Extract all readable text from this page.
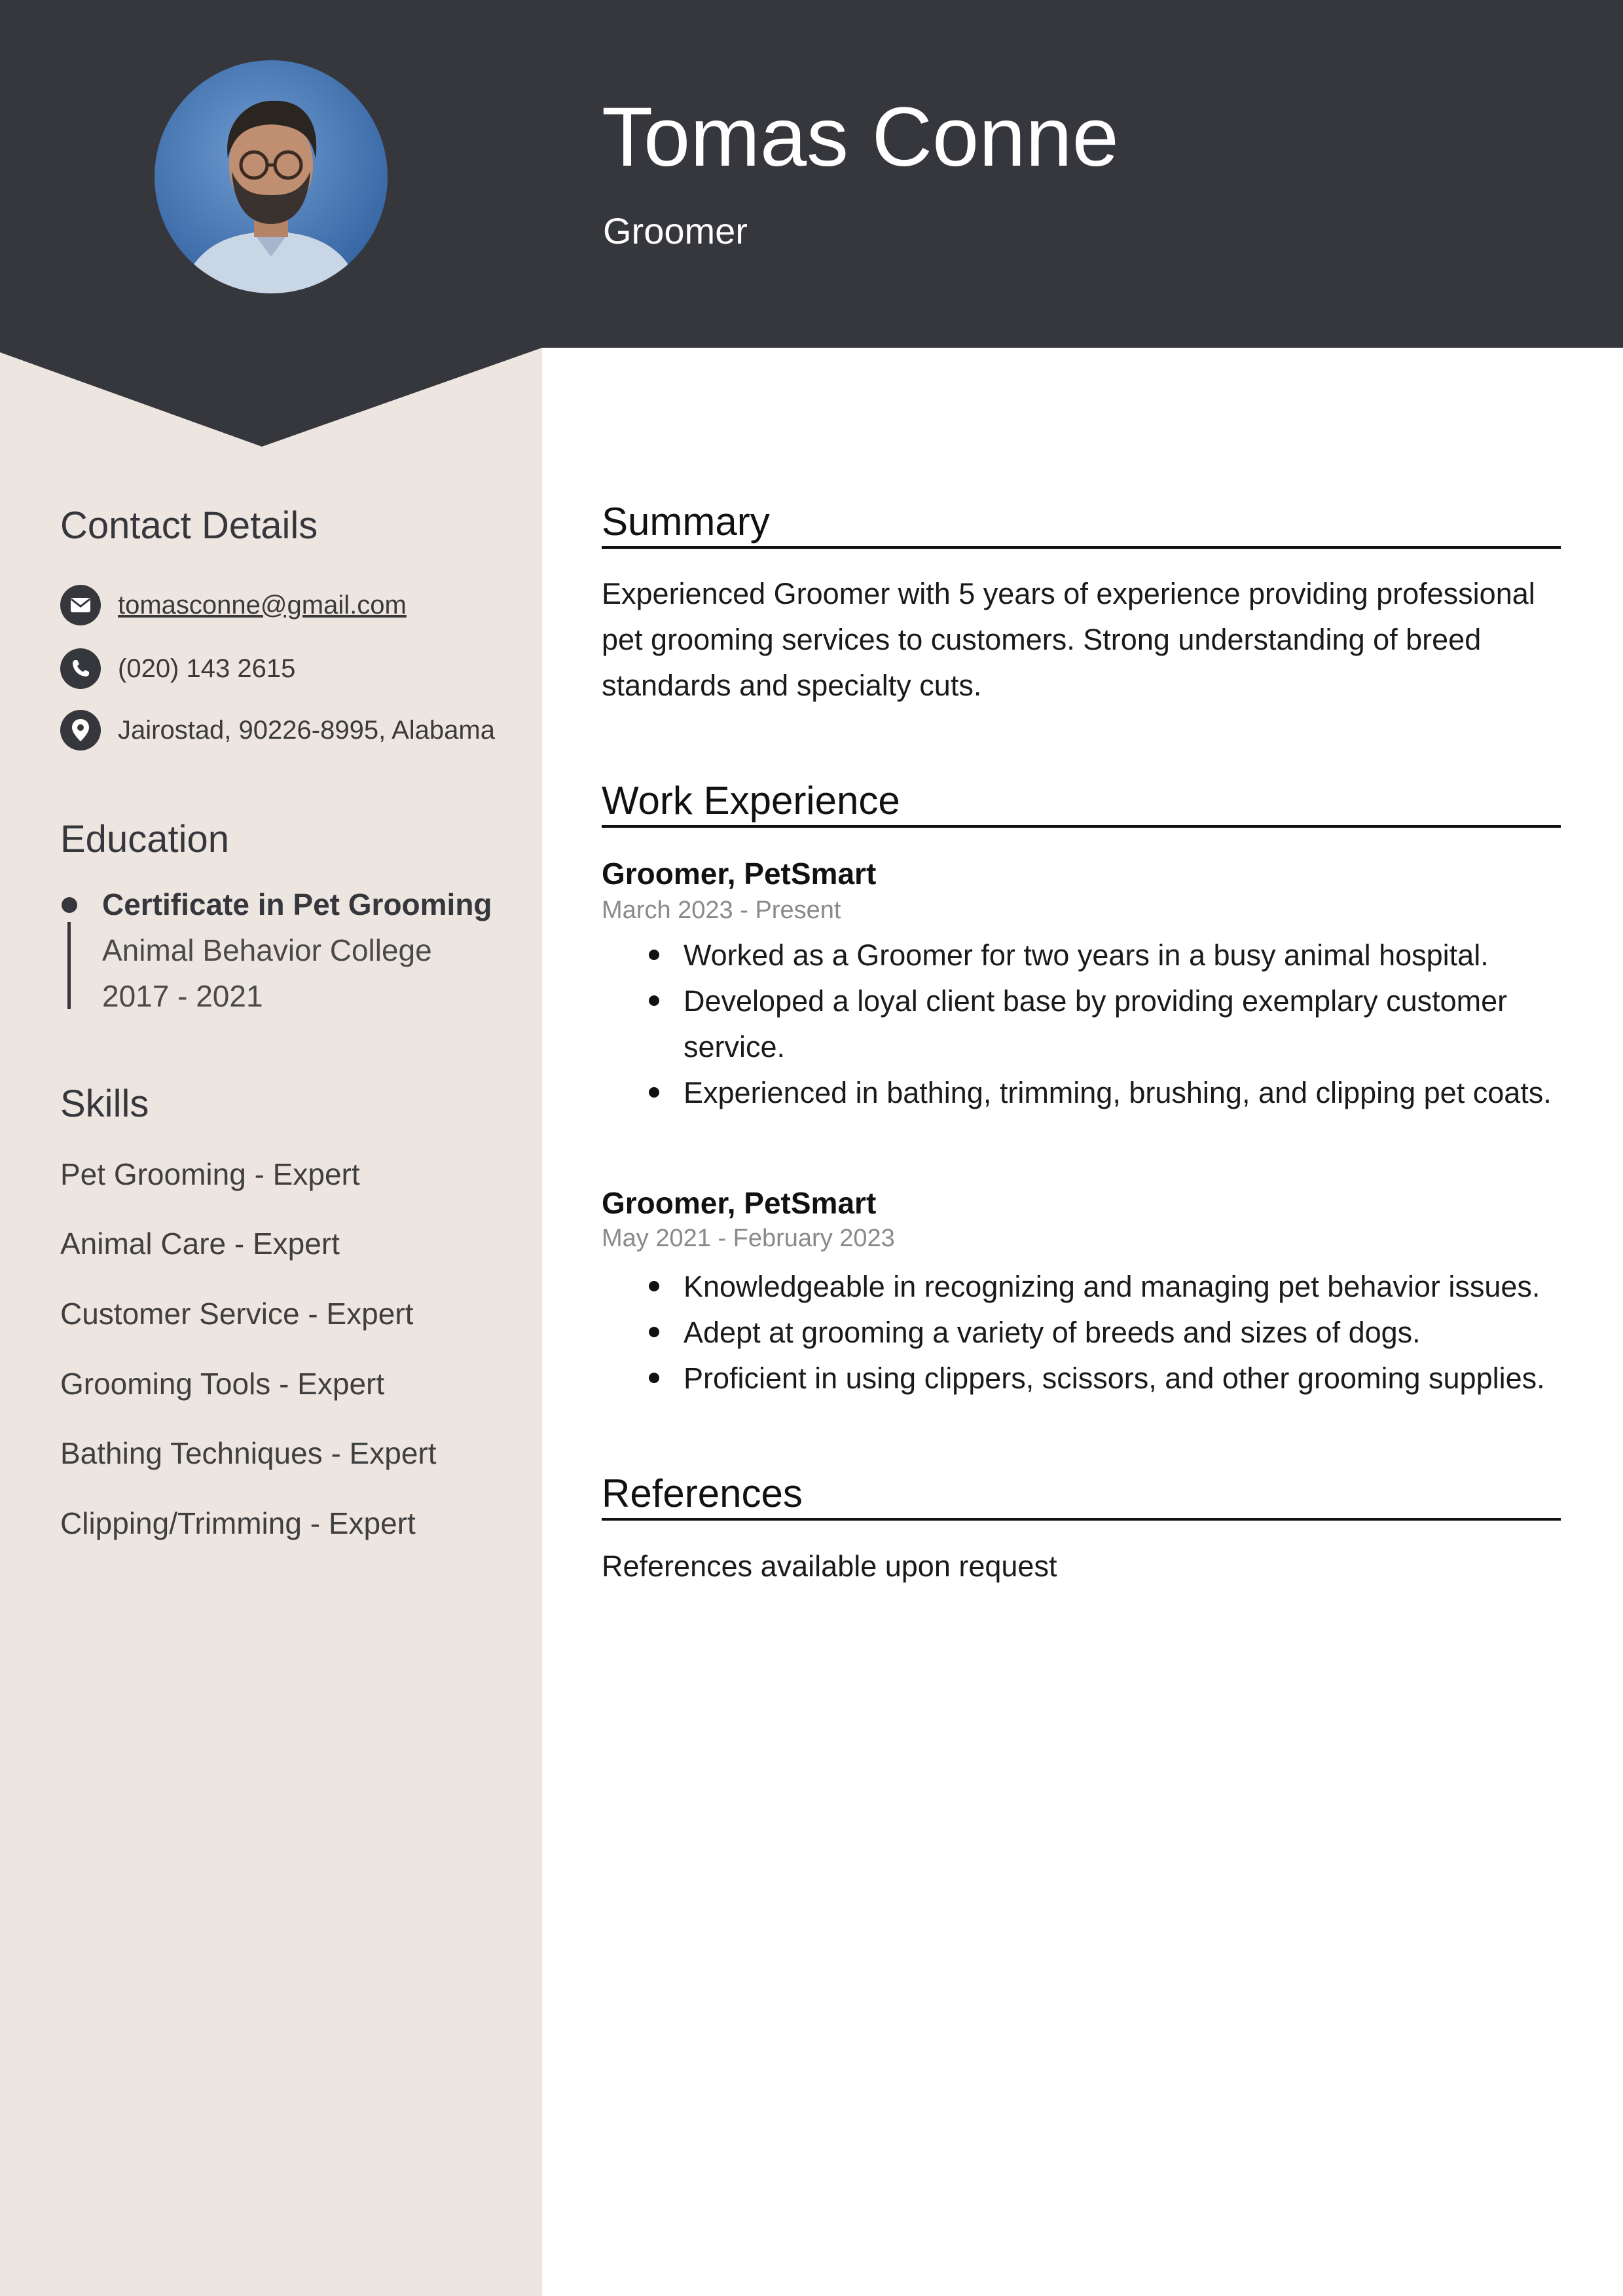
Tomas Conne
Groomer
Contact Details
tomasconne@gmail.com
(020) 143 2615
Jairostad, 90226-8995, Alabama
Education
Certificate in Pet Grooming
Animal Behavior College
2017 - 2021
Skills
Pet Grooming - Expert
Animal Care - Expert
Customer Service - Expert
Grooming Tools - Expert
Bathing Techniques - Expert
Clipping/Trimming - Expert
Summary

Experienced Groomer with 5 years of experience providing professional pet grooming services to customers. Strong understanding of breed standards and specialty cuts.

Work Experience
Groomer, PetSmart
March 2023 - Present
Worked as a Groomer for two years in a busy animal hospital.
Developed a loyal client base by providing exemplary customer service.
Experienced in bathing, trimming, brushing, and clipping pet coats.
Groomer, PetSmart
May 2021 - February 2023
Knowledgeable in recognizing and managing pet behavior issues.
Adept at grooming a variety of breeds and sizes of dogs.
Proficient in using clippers, scissors, and other grooming supplies.
References

References available upon request
